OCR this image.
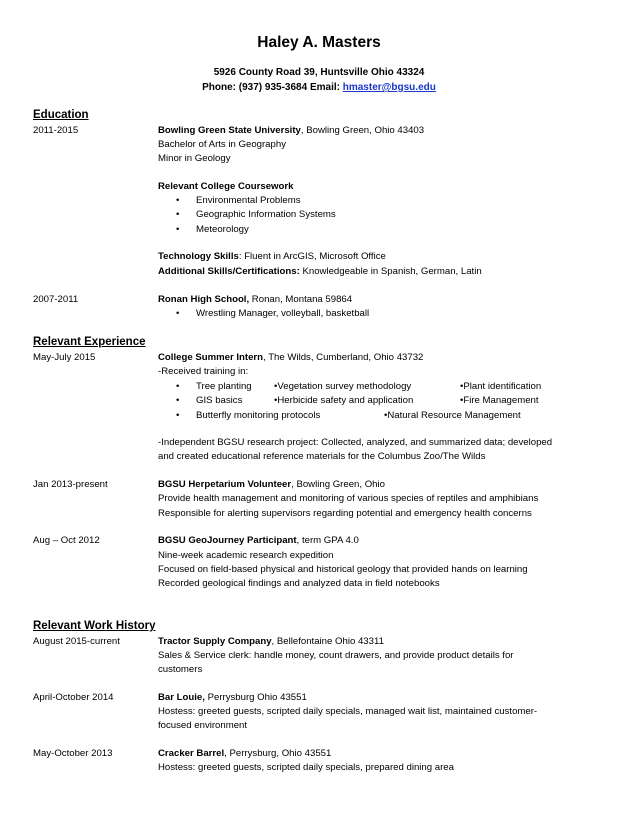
Haley A. Masters
5926 County Road 39, Huntsville Ohio 43324
Phone: (937) 935-3684 Email: hmaster@bgsu.edu
Education
2011-2015	Bowling Green State University, Bowling Green, Ohio 43403
Bachelor of Arts in Geography
Minor in Geology
Relevant College Coursework
• Environmental Problems
• Geographic Information Systems
• Meteorology
Technology Skills: Fluent in ArcGIS, Microsoft Office
Additional Skills/Certifications: Knowledgeable in Spanish, German, Latin
2007-2011	Ronan High School, Ronan, Montana 59864
• Wrestling Manager, volleyball, basketball
Relevant Experience
May-July 2015	College Summer Intern, The Wilds, Cumberland, Ohio 43732
-Received training in:
• Tree planting •Vegetation survey methodology	•Plant identification
• GIS basics	•Herbicide safety and application	•Fire Management
• Butterfly monitoring protocols	•Natural Resource Management
-Independent BGSU research project: Collected, analyzed, and summarized data; developed
and created educational reference materials for the Columbus Zoo/The Wilds
Jan 2013-present	BGSU Herpetarium Volunteer, Bowling Green, Ohio
Provide health management and monitoring of various species of reptiles and amphibians
Responsible for alerting supervisors regarding potential and emergency health concerns
Aug – Oct 2012	BGSU GeoJourney Participant, term GPA 4.0
Nine-week academic research expedition
Focused on field-based physical and historical geology that provided hands on learning
Recorded geological findings and analyzed data in field notebooks
Relevant Work History
August 2015-current	Tractor Supply Company, Bellefontaine Ohio 43311
Sales & Service clerk: handle money, count drawers, and provide product details for
customers
April-October 2014	Bar Louie, Perrysburg Ohio 43551
Hostess: greeted guests, scripted daily specials, managed wait list, maintained customer-
focused environment
May-October 2013	Cracker Barrel, Perrysburg, Ohio 43551
Hostess: greeted guests, scripted daily specials, prepared dining area
